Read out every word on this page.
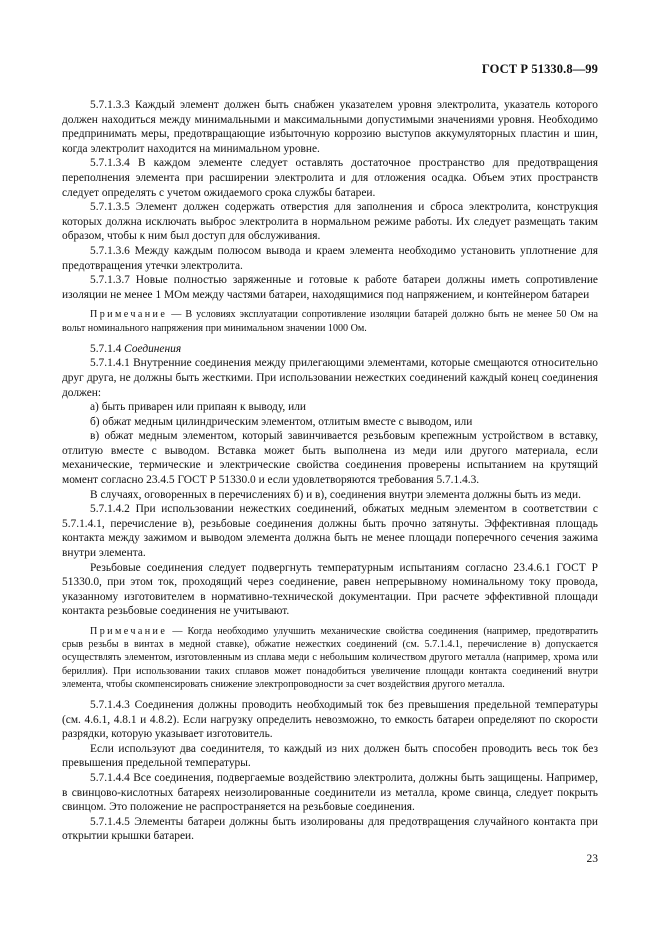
ГОСТ Р 51330.8—99

5.7.1.3.3 Каждый элемент должен быть снабжен указателем уровня электролита, указатель которого должен находиться между минимальными и максимальными допустимыми значениями уровня. Необходимо предпринимать меры, предотвращающие избыточную коррозию выступов аккумуляторных пластин и шин, когда электролит находится на минимальном уровне.

5.7.1.3.4 В каждом элементе следует оставлять достаточное пространство для предотвращения переполнения элемента при расширении электролита и для отложения осадка. Объем этих пространств следует определять с учетом ожидаемого срока службы батареи.

5.7.1.3.5 Элемент должен содержать отверстия для заполнения и сброса электролита, конструкция которых должна исключать выброс электролита в нормальном режиме работы. Их следует размещать таким образом, чтобы к ним был доступ для обслуживания.

5.7.1.3.6 Между каждым полюсом вывода и краем элемента необходимо установить уплотнение для предотвращения утечки электролита.

5.7.1.3.7 Новые полностью заряженные и готовые к работе батареи должны иметь сопротивление изоляции не менее 1 МОм между частями батареи, находящимися под напряжением, и контейнером батареи

Примечание — В условиях эксплуатации сопротивление изоляции батарей должно быть не менее 50 Ом на вольт номинального напряжения при минимальном значении 1000 Ом.

5.7.1.4 Соединения

5.7.1.4.1 Внутренние соединения между прилегающими элементами, которые смещаются относительно друг друга, не должны быть жесткими. При использовании нежестких соединений каждый конец соединения должен:

а) быть приварен или припаян к выводу, или

б) обжат медным цилиндрическим элементом, отлитым вместе с выводом, или

в) обжат медным элементом, который завинчивается резьбовым крепежным устройством в вставку, отлитую вместе с выводом. Вставка может быть выполнена из меди или другого материала, если механические, термические и электрические свойства соединения проверены испытанием на крутящий момент согласно 23.4.5 ГОСТ Р 51330.0 и если удовлетворяются требования 5.7.1.4.3.

В случаях, оговоренных в перечислениях б) и в), соединения внутри элемента должны быть из меди.

5.7.1.4.2 При использовании нежестких соединений, обжатых медным элементом в соответствии с 5.7.1.4.1, перечисление в), резьбовые соединения должны быть прочно затянуты. Эффективная площадь контакта между зажимом и выводом элемента должна быть не менее площади поперечного сечения зажима внутри элемента.

Резьбовые соединения следует подвергнуть температурным испытаниям согласно 23.4.6.1 ГОСТ Р 51330.0, при этом ток, проходящий через соединение, равен непрерывному номинальному току провода, указанному изготовителем в нормативно-технической документации. При расчете эффективной площади контакта резьбовые соединения не учитывают.

Примечание — Когда необходимо улучшить механические свойства соединения (например, предотвратить срыв резьбы в винтах в медной ставке), обжатие нежестких соединений (см. 5.7.1.4.1, перечисление в) допускается осуществлять элементом, изготовленным из сплава меди с небольшим количеством другого металла (например, хрома или бериллия). При использовании таких сплавов может понадобиться увеличение площади контакта соединений внутри элемента, чтобы скомпенсировать снижение электропроводности за счет воздействия другого металла.

5.7.1.4.3 Соединения должны проводить необходимый ток без превышения предельной температуры (см. 4.6.1, 4.8.1 и 4.8.2). Если нагрузку определить невозможно, то емкость батареи определяют по скорости разрядки, которую указывает изготовитель.

Если используют два соединителя, то каждый из них должен быть способен проводить весь ток без превышения предельной температуры.

5.7.1.4.4 Все соединения, подвергаемые воздействию электролита, должны быть защищены. Например, в свинцово-кислотных батареях неизолированные соединители из металла, кроме свинца, следует покрыть свинцом. Это положение не распространяется на резьбовые соединения.

5.7.1.4.5 Элементы батареи должны быть изолированы для предотвращения случайного контакта при открытии крышки батареи.

23
